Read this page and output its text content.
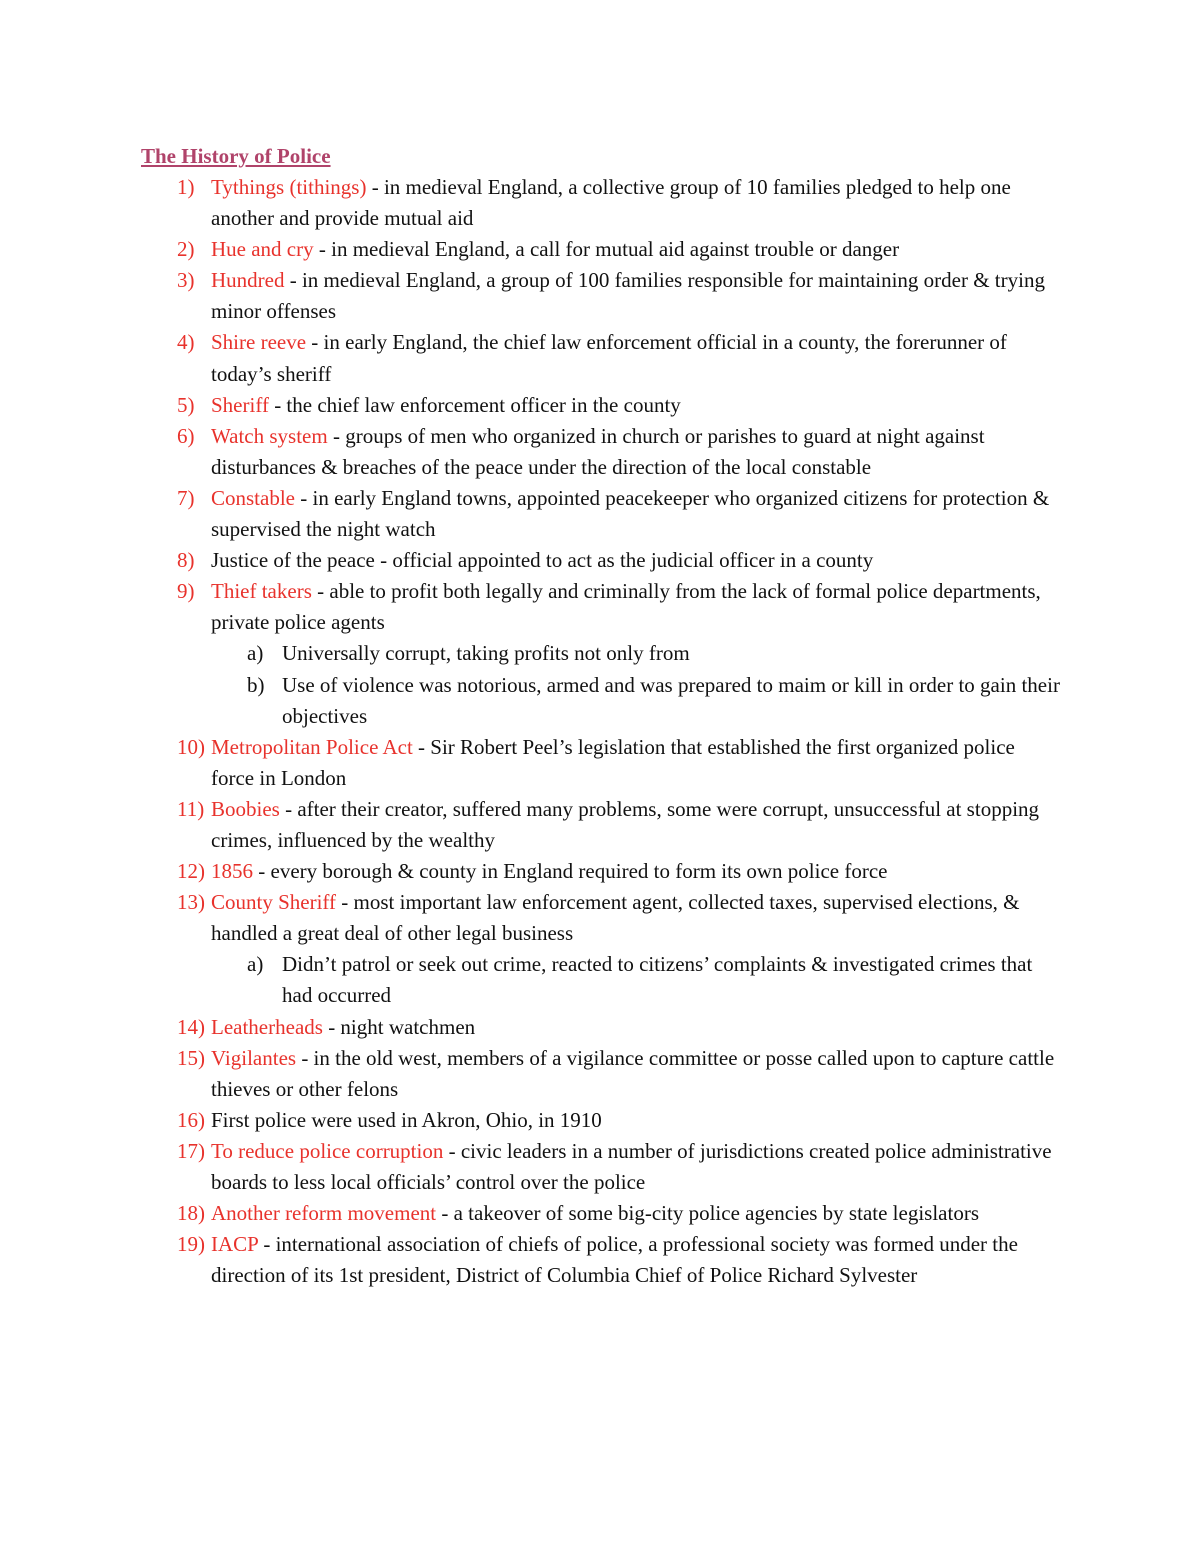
The History of Police
1) Tythings (tithings) - in medieval England, a collective group of 10 families pledged to help one another and provide mutual aid
2) Hue and cry - in medieval England, a call for mutual aid against trouble or danger
3) Hundred - in medieval England, a group of 100 families responsible for maintaining order & trying minor offenses
4) Shire reeve - in early England, the chief law enforcement official in a county, the forerunner of today’s sheriff
5) Sheriff - the chief law enforcement officer in the county
6) Watch system - groups of men who organized in church or parishes to guard at night against disturbances & breaches of the peace under the direction of the local constable
7) Constable - in early England towns, appointed peacekeeper who organized citizens for protection & supervised the night watch
8) Justice of the peace - official appointed to act as the judicial officer in a county
9) Thief takers - able to profit both legally and criminally from the lack of formal police departments, private police agents
a) Universally corrupt, taking profits not only from
b) Use of violence was notorious, armed and was prepared to maim or kill in order to gain their objectives
10) Metropolitan Police Act - Sir Robert Peel’s legislation that established the first organized police force in London
11) Boobies - after their creator, suffered many problems, some were corrupt, unsuccessful at stopping crimes, influenced by the wealthy
12) 1856 - every borough & county in England required to form its own police force
13) County Sheriff - most important law enforcement agent, collected taxes, supervised elections, & handled a great deal of other legal business
a) Didn’t patrol or seek out crime, reacted to citizens’ complaints & investigated crimes that had occurred
14) Leatherheads - night watchmen
15) Vigilantes - in the old west, members of a vigilance committee or posse called upon to capture cattle thieves or other felons
16) First police were used in Akron, Ohio, in 1910
17) To reduce police corruption - civic leaders in a number of jurisdictions created police administrative boards to less local officials’ control over the police
18) Another reform movement - a takeover of some big-city police agencies by state legislators
19) IACP - international association of chiefs of police, a professional society was formed under the direction of its 1st president, District of Columbia Chief of Police Richard Sylvester
